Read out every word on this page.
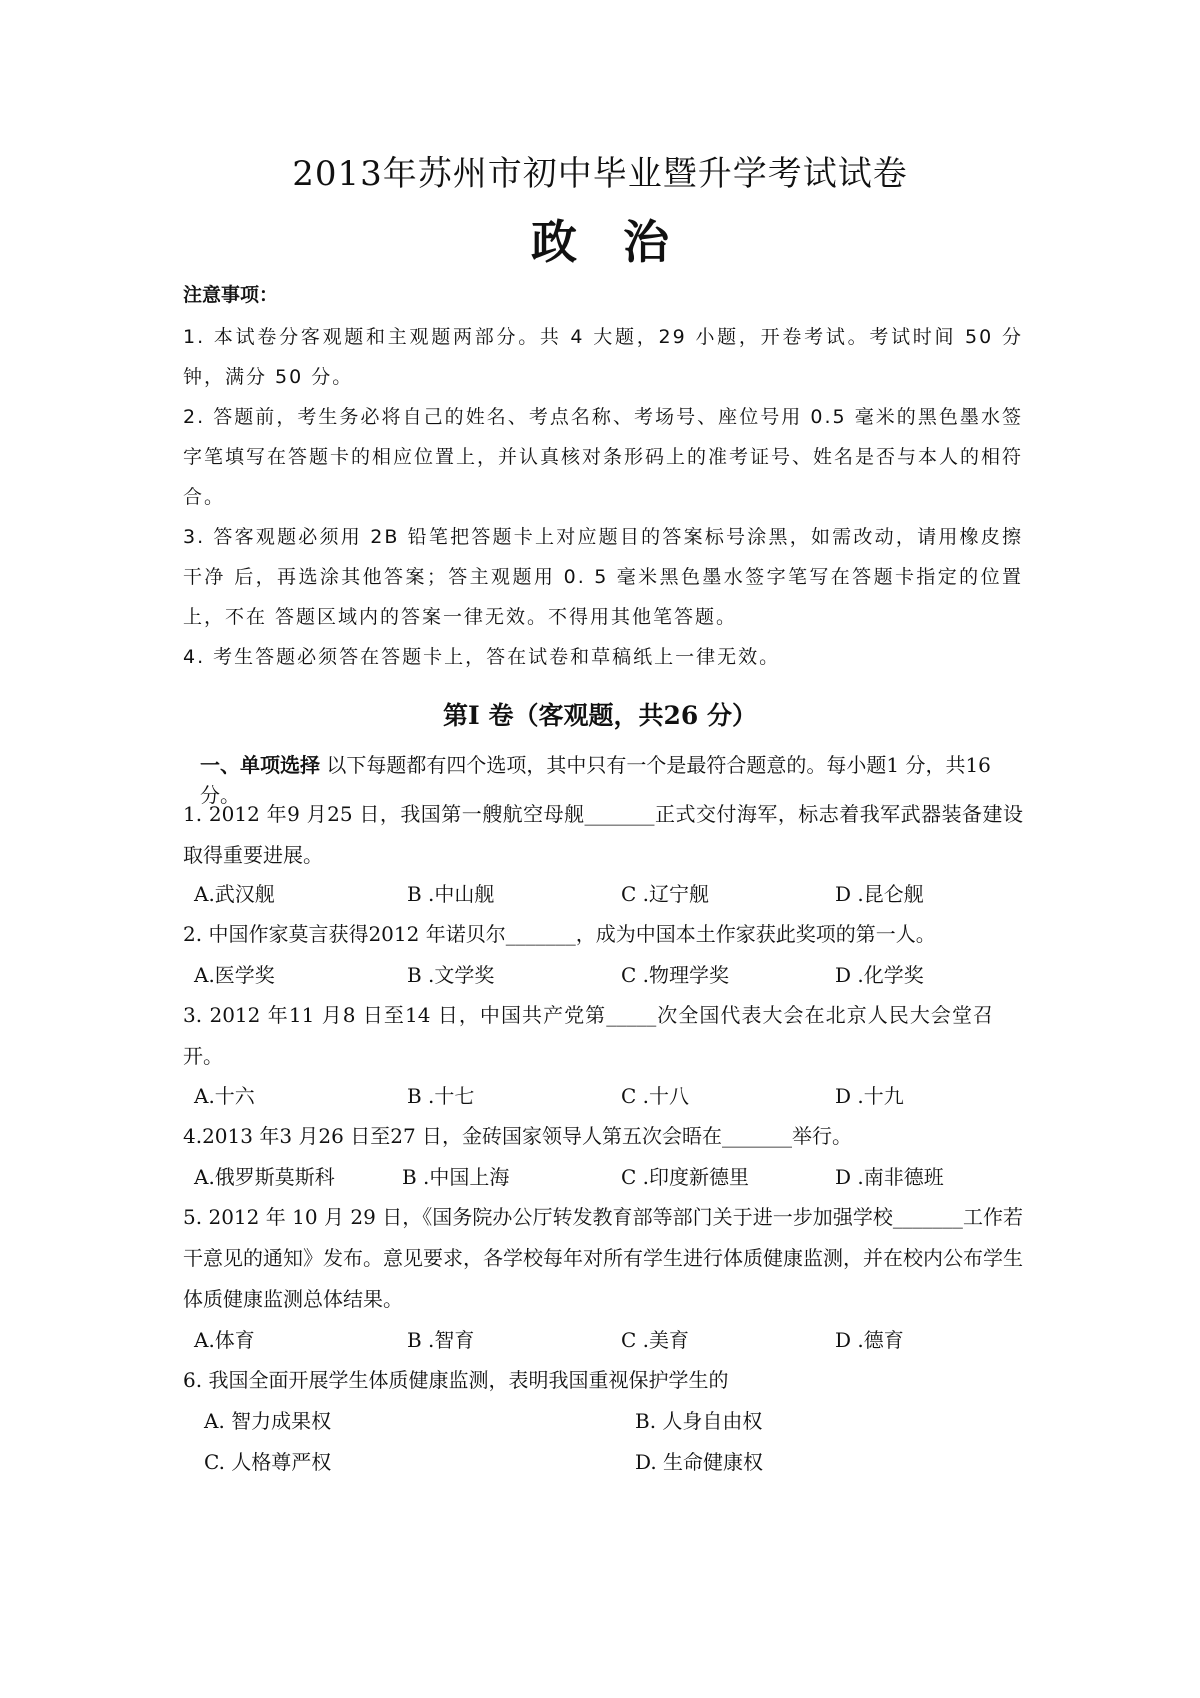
2013年苏州市初中毕业暨升学考试试卷
政　治
注意事项：

1. 本试卷分客观题和主观题两部分。共 4 大题，29 小题，开卷考试。考试时间 50 分钟，满分 50 分。

2. 答题前，考生务必将自己的姓名、考点名称、考场号、座位号用 0.5 毫米的黑色墨水签字笔填写在答题卡的相应位置上，并认真核对条形码上的准考证号、姓名是否与本人的相符合。

3. 答客观题必须用 2B 铅笔把答题卡上对应题目的答案标号涂黑，如需改动，请用橡皮擦干净 后，再选涂其他答案；答主观题用 0. 5 毫米黑色墨水签字笔写在答题卡指定的位置上，不在 答题区域内的答案一律无效。不得用其他笔答题。

4. 考生答题必须答在答题卡上，答在试卷和草稿纸上一律无效。

第I 卷（客观题，共26 分）
一、单项选择 以下每题都有四个选项，其中只有一个是最符合题意的。每小题1 分，共16 分。
1. 2012 年9 月25 日，我国第一艘航空母舰_______正式交付海军，标志着我军武器装备建设取得重要进展。
A.武汉舰	B .中山舰	C .辽宁舰	D .昆仑舰
2. 中国作家莫言获得2012 年诺贝尔_______，成为中国本土作家获此奖项的第一人。
A.医学奖	B .文学奖	C .物理学奖	D .化学奖
3. 2012 年11 月8 日至14 日，中国共产党第_____次全国代表大会在北京人民大会堂召开。
A.十六	B .十七	C .十八	D .十九
4.2013 年3 月26 日至27 日，金砖国家领导人第五次会晤在_______举行。
A.俄罗斯莫斯科	B .中国上海	C .印度新德里	D .南非德班
5. 2012 年 10 月 29 日，《国务院办公厅转发教育部等部门关于进一步加强学校_______工作若干意见的通知》发布。意见要求，各学校每年对所有学生进行体质健康监测，并在校内公布学生体质健康监测总体结果。
A.体育	B .智育	C .美育	D .德育
6. 我国全面开展学生体质健康监测，表明我国重视保护学生的
A. 智力成果权	B. 人身自由权
C. 人格尊严权	D. 生命健康权
